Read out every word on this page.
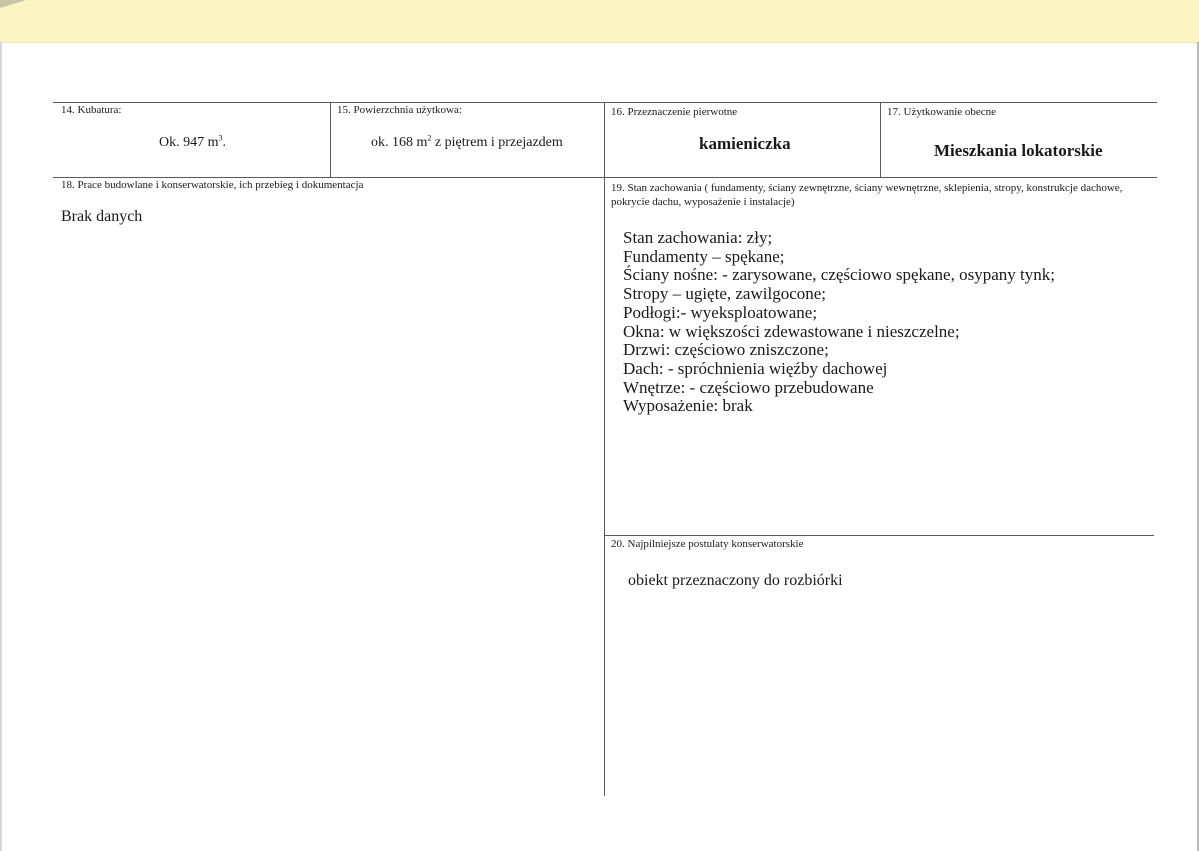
14. Kubatura:
Ok. 947 $m^3$.
15. Powierzchnia użytkowa:
ok. 168 $m^2$ z piętrem i przejazdem
16. Przeznaczenie pierwotne
kamieniczka
17. Użytkowanie obecne
Mieszkania lokatorskie
18. Prace budowlane i konserwatorskie, ich przebieg i dokumentacja
Brak danych
19. Stan zachowania ( fundamenty, ściany zewnętrzne, ściany wewnętrzne, sklepienia, stropy, konstrukcje dachowe, pokrycie dachu, wyposażenie i instalacje)
Stan zachowania: zły;
Fundamenty – spękane;
Ściany nośne: - zarysowane, częściowo spękane, osypany tynk;
Stropy – ugięte, zawilgocone;
Podłogi:- wyeksploatowane;
Okna: w większości zdewastowane i nieszczelne;
Drzwi: częściowo zniszczone;
Dach: - spróchnienia więźby dachowej
Wnętrze: - częściowo przebudowane
Wyposażenie: brak
20. Najpilniejsze postulaty konserwatorskie
obiekt przeznaczony do rozbiórki
